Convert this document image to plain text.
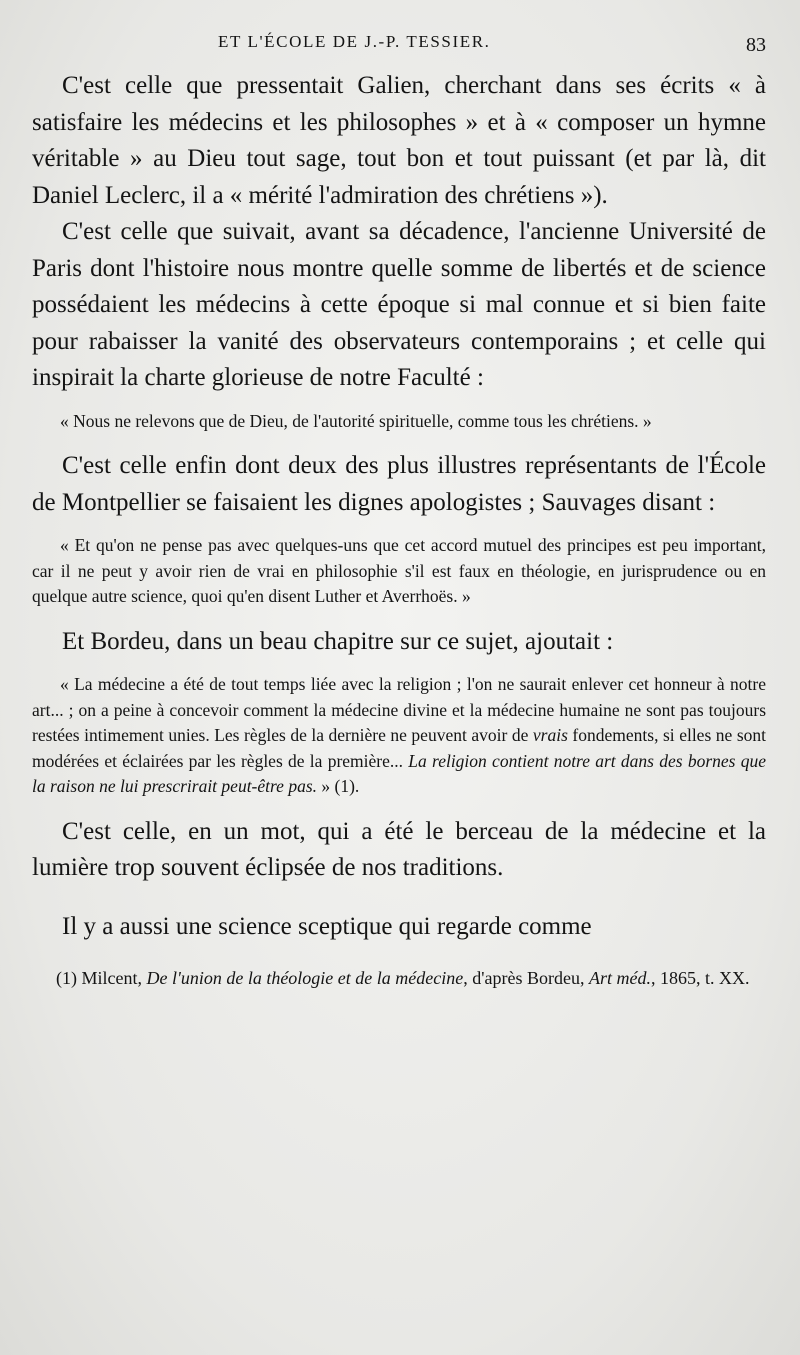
ET L'ÉCOLE DE J.-P. TESSIER.	83

C'est celle que pressentait Galien, cherchant dans ses écrits « à satisfaire les médecins et les philosophes » et à « composer un hymne véritable » au Dieu tout sage, tout bon et tout puissant (et par là, dit Daniel Leclerc, il a « mérité l'admiration des chrétiens »).

C'est celle que suivait, avant sa décadence, l'ancienne Université de Paris dont l'histoire nous montre quelle somme de libertés et de science possédaient les médecins à cette époque si mal connue et si bien faite pour rabaisser la vanité des observateurs contemporains ; et celle qui inspirait la charte glorieuse de notre Faculté :

« Nous ne relevons que de Dieu, de l'autorité spirituelle, comme tous les chrétiens. »

C'est celle enfin dont deux des plus illustres représentants de l'École de Montpellier se faisaient les dignes apologistes ; Sauvages disant :

« Et qu'on ne pense pas avec quelques-uns que cet accord mutuel des principes est peu important, car il ne peut y avoir rien de vrai en philosophie s'il est faux en théologie, en jurisprudence ou en quelque autre science, quoi qu'en disent Luther et Averrhoës. »

Et Bordeu, dans un beau chapitre sur ce sujet, ajoutait :

« La médecine a été de tout temps liée avec la religion ; l'on ne saurait enlever cet honneur à notre art... ; on a peine à concevoir comment la médecine divine et la médecine humaine ne sont pas toujours restées intimement unies. Les règles de la dernière ne peuvent avoir de vrais fondements, si elles ne sont modérées et éclairées par les règles de la première... La religion contient notre art dans des bornes que la raison ne lui prescrirait peut-être pas. » (1).

C'est celle, en un mot, qui a été le berceau de la médecine et la lumière trop souvent éclipsée de nos traditions.

Il y a aussi une science sceptique qui regarde comme

(1) Milcent, De l'union de la théologie et de la médecine, d'après Bordeu, Art méd., 1865, t. XX.
